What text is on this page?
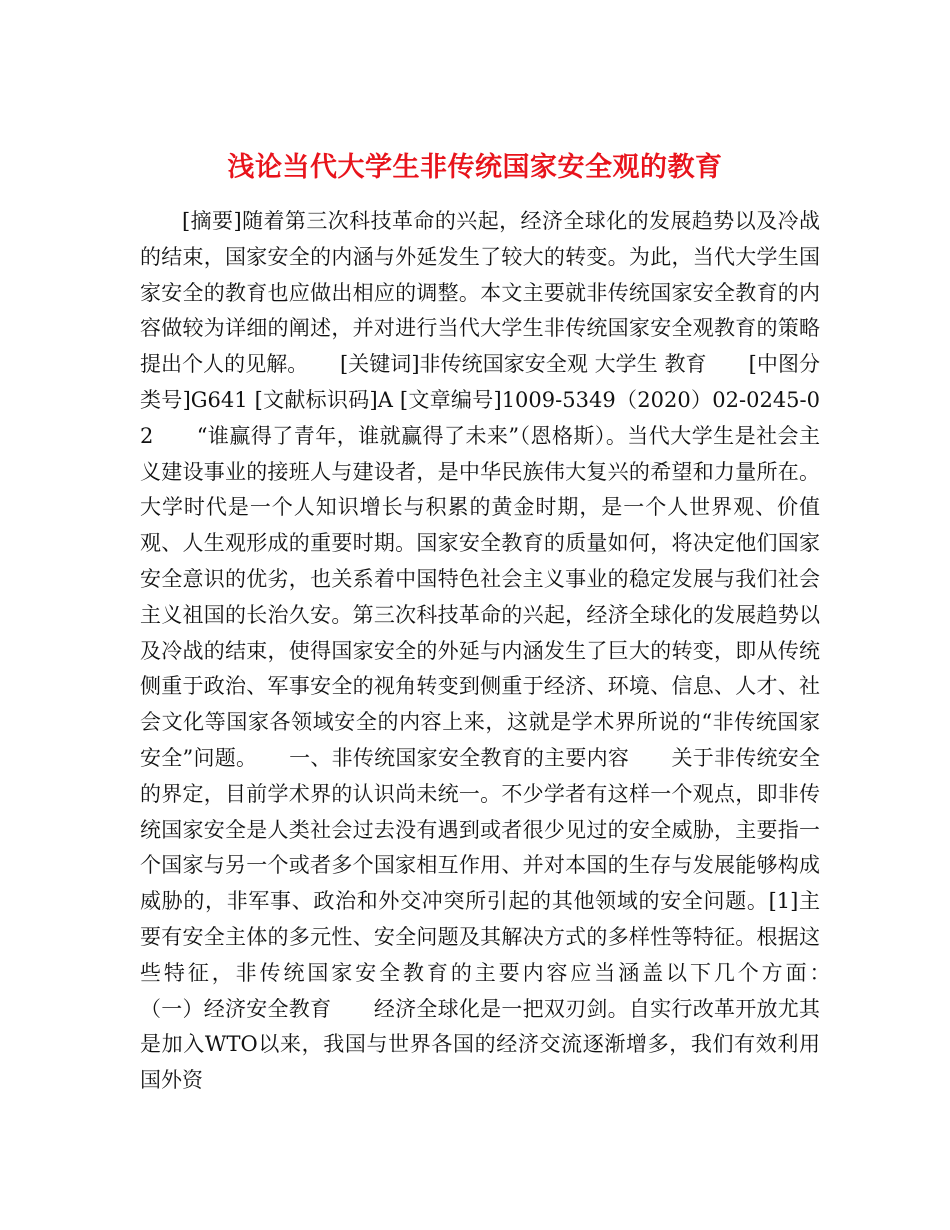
浅论当代大学生非传统国家安全观的教育

[摘要]随着第三次科技革命的兴起，经济全球化的发展趋势以及冷战的结束，国家安全的内涵与外延发生了较大的转变。为此，当代大学生国家安全的教育也应做出相应的调整。本文主要就非传统国家安全教育的内容做较为详细的阐述，并对进行当代大学生非传统国家安全观教育的策略提出个人的见解。　　[关键词]非传统国家安全观 大学生 教育　　[中图分类号]G641 [文献标识码]A [文章编号]1009-5349（2020）02-0245-02　　“谁赢得了青年，谁就赢得了未来”（恩格斯）。当代大学生是社会主义建设事业的接班人与建设者，是中华民族伟大复兴的希望和力量所在。大学时代是一个人知识增长与积累的黄金时期，是一个人世界观、价值观、人生观形成的重要时期。国家安全教育的质量如何，将决定他们国家安全意识的优劣，也关系着中国特色社会主义事业的稳定发展与我们社会主义祖国的长治久安。第三次科技革命的兴起，经济全球化的发展趋势以及冷战的结束，使得国家安全的外延与内涵发生了巨大的转变，即从传统侧重于政治、军事安全的视角转变到侧重于经济、环境、信息、人才、社会文化等国家各领域安全的内容上来，这就是学术界所说的“非传统国家安全”问题。　　一、非传统国家安全教育的主要内容　　关于非传统安全的界定，目前学术界的认识尚未统一。不少学者有这样一个观点，即非传统国家安全是人类社会过去没有遇到或者很少见过的安全威胁，主要指一个国家与另一个或者多个国家相互作用、并对本国的生存与发展能够构成威胁的，非军事、政治和外交冲突所引起的其他领域的安全问题。[1]主要有安全主体的多元性、安全问题及其解决方式的多样性等特征。根据这些特征，非传统国家安全教育的主要内容应当涵盖以下几个方面：　　（一）经济安全教育　　经济全球化是一把双刃剑。自实行改革开放尤其是加入WTO以来，我国与世界各国的经济交流逐渐增多，我们有效利用国外资
